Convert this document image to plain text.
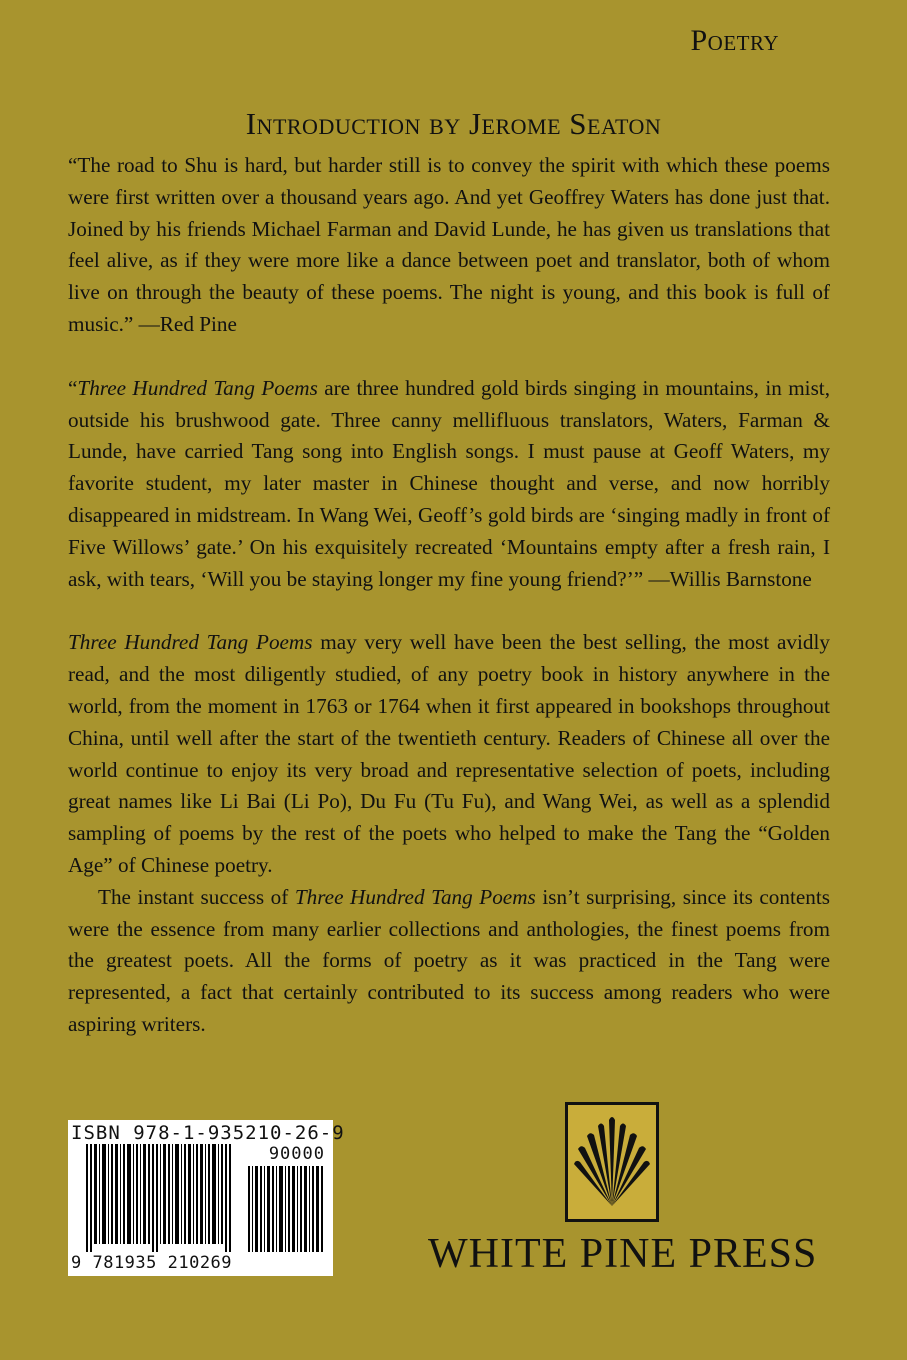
Poetry
Introduction by Jerome Seaton

“The road to Shu is hard, but harder still is to convey the spirit with which these poems were first written over a thousand years ago. And yet Geoffrey Waters has done just that. Joined by his friends Michael Farman and David Lunde, he has given us translations that feel alive, as if they were more like a dance between poet and translator, both of whom live on through the beauty of these poems. The night is young, and this book is full of music.” —Red Pine

“Three Hundred Tang Poems are three hundred gold birds singing in mountains, in mist, outside his brushwood gate. Three canny mellifluous translators, Waters, Farman & Lunde, have carried Tang song into English songs. I must pause at Geoff Waters, my favorite student, my later master in Chinese thought and verse, and now horribly disappeared in midstream. In Wang Wei, Geoff’s gold birds are ‘singing madly in front of Five Willows’ gate.’ On his exquisitely recreated ‘Mountains empty after a fresh rain, I ask, with tears, ‘Will you be staying longer my fine young friend?’” —Willis Barnstone

Three Hundred Tang Poems may very well have been the best selling, the most avidly read, and the most diligently studied, of any poetry book in history anywhere in the world, from the moment in 1763 or 1764 when it first appeared in bookshops throughout China, until well after the start of the twentieth century. Readers of Chinese all over the world continue to enjoy its very broad and representative selection of poets, including great names like Li Bai (Li Po), Du Fu (Tu Fu), and Wang Wei, as well as a splendid sampling of poems by the rest of the poets who helped to make the Tang the “Golden Age” of Chinese poetry.

The instant success of Three Hundred Tang Poems isn’t surprising, since its contents were the essence from many earlier collections and anthologies, the finest poems from the greatest poets. All the forms of poetry as it was practiced in the Tang were represented, a fact that certainly contributed to its success among readers who were aspiring writers.

ISBN 978-1-935210-26-9
90000
9 781935 210269	WHITE PINE PRESS
